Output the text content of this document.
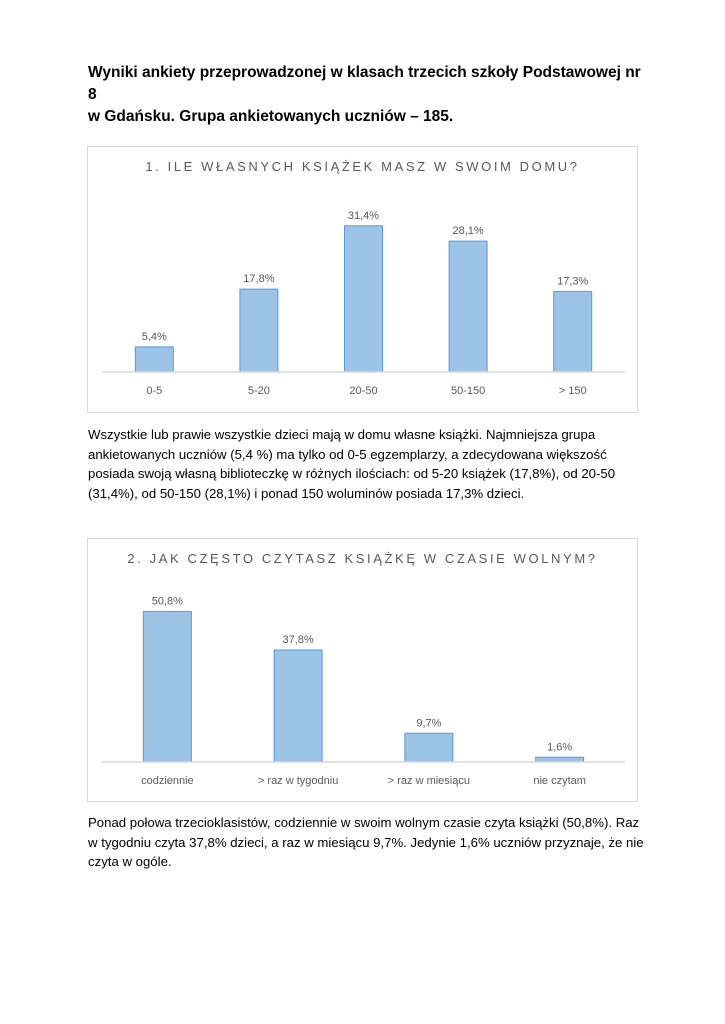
Wyniki ankiety przeprowadzonej w klasach trzecich szkoły Podstawowej nr 8
w Gdańsku. Grupa ankietowanych uczniów – 185.

1. ILE WŁASNYCH KSIĄŻEK MASZ W SWOIM DOMU?

5,4%
0-5
17,8%
5-20
31,4%
20-50
28,1%
50-150
17,3%
> 150

Wszystkie lub prawie wszystkie dzieci mają w domu własne książki. Najmniejsza grupa ankietowanych uczniów (5,4 %) ma tylko od 0-5 egzemplarzy, a zdecydowana większość posiada swoją własną biblioteczkę w różnych ilościach: od 5-20 książek (17,8%), od 20-50 (31,4%), od 50-150 (28,1%) i ponad 150 woluminów posiada 17,3% dzieci.

2. JAK CZĘSTO CZYTASZ KSIĄŻKĘ W CZASIE WOLNYM?

50,8%
codziennie
37,8%
> raz w tygodniu
9,7%
> raz w miesiącu
1,6%
nie czytam

Ponad połowa trzecioklasistów, codziennie w swoim wolnym czasie czyta książki (50,8%). Raz w tygodniu czyta 37,8% dzieci, a raz w miesiącu 9,7%. Jedynie 1,6% uczniów przyznaje, że nie czyta w ogóle.
